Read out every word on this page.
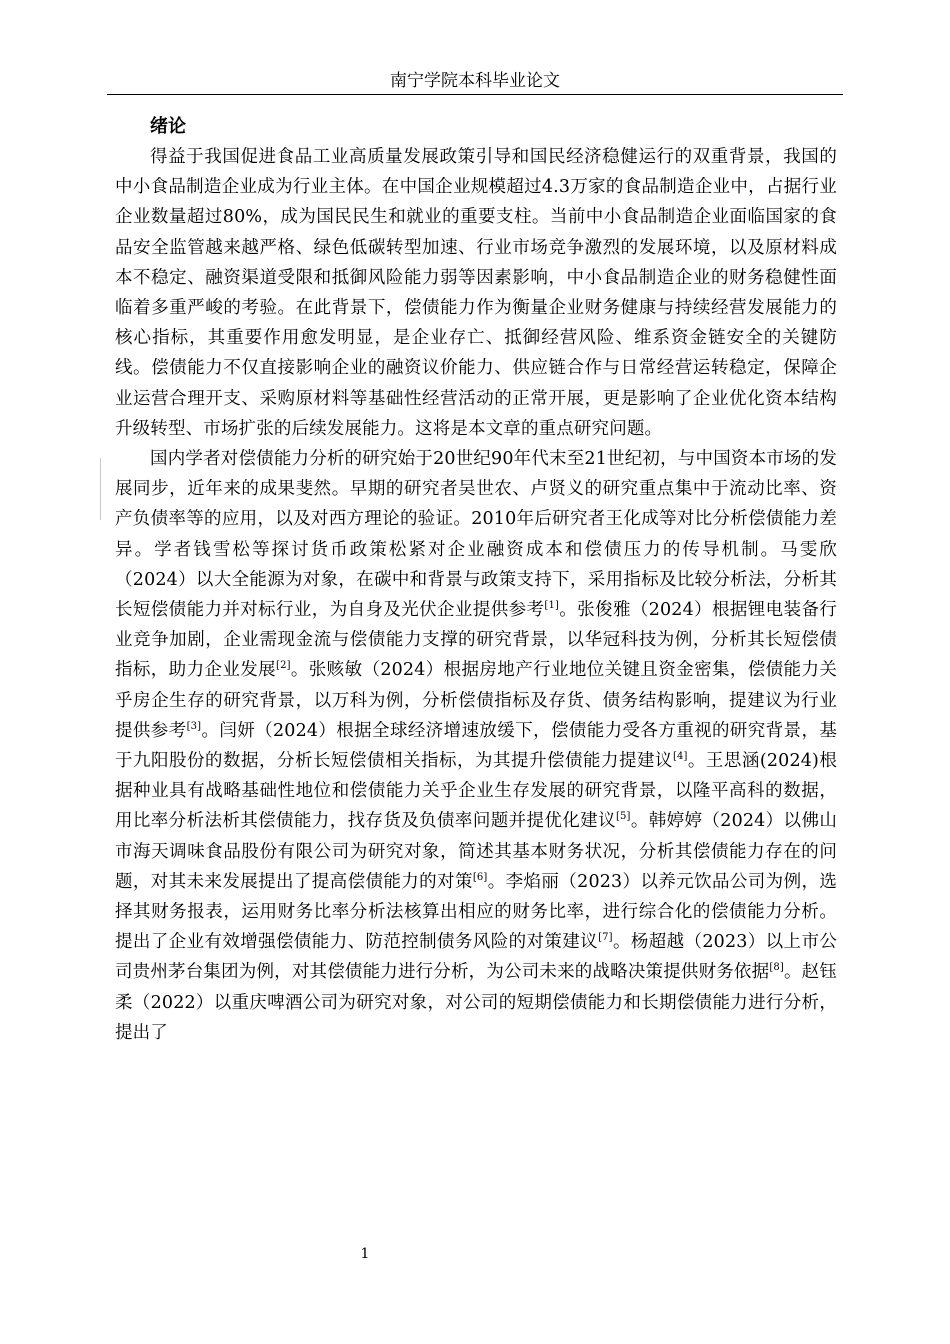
南宁学院本科毕业论文

绪论

得益于我国促进食品工业高质量发展政策引导和国民经济稳健运行的双重背景，我国的中小食品制造企业成为行业主体。在中国企业规模超过4.3万家的食品制造企业中，占据行业企业数量超过80%，成为国民民生和就业的重要支柱。当前中小食品制造企业面临国家的食品安全监管越来越严格、绿色低碳转型加速、行业市场竞争激烈的发展环境，以及原材料成本不稳定、融资渠道受限和抵御风险能力弱等因素影响，中小食品制造企业的财务稳健性面临着多重严峻的考验。在此背景下，偿债能力作为衡量企业财务健康与持续经营发展能力的核心指标，其重要作用愈发明显，是企业存亡、抵御经营风险、维系资金链安全的关键防线。偿债能力不仅直接影响企业的融资议价能力、供应链合作与日常经营运转稳定，保障企业运营合理开支、采购原材料等基础性经营活动的正常开展，更是影响了企业优化资本结构升级转型、市场扩张的后续发展能力。这将是本文章的重点研究问题。

国内学者对偿债能力分析的研究始于20世纪90年代末至21世纪初，与中国资本市场的发展同步，近年来的成果斐然。早期的研究者吴世农、卢贤义的研究重点集中于流动比率、资产负债率等的应用，以及对西方理论的验证。2010年后研究者王化成等对比分析偿债能力差异。学者钱雪松等探讨货币政策松紧对企业融资成本和偿债压力的传导机制。马雯欣（2024）以大全能源为对象，在碳中和背景与政策支持下，采用指标及比较分析法，分析其长短偿债能力并对标行业，为自身及光伏企业提供参考[1]。张俊雅（2024）根据锂电装备行业竞争加剧，企业需现金流与偿债能力支撑的研究背景，以华冠科技为例，分析其长短偿债指标，助力企业发展[2]。张赅敏（2024）根据房地产行业地位关键且资金密集，偿债能力关乎房企生存的研究背景，以万科为例，分析偿债指标及存货、债务结构影响，提建议为行业提供参考[3]。闫妍（2024）根据全球经济增速放缓下，偿债能力受各方重视的研究背景，基于九阳股份的数据，分析长短偿债相关指标，为其提升偿债能力提建议[4]。王思涵(2024)根据种业具有战略基础性地位和偿债能力关乎企业生存发展的研究背景，以隆平高科的数据，用比率分析法析其偿债能力，找存货及负债率问题并提优化建议[5]。韩婷婷（2024）以佛山市海天调味食品股份有限公司为研究对象，简述其基本财务状况，分析其偿债能力存在的问题，对其未来发展提出了提高偿债能力的对策[6]。李焰丽（2023）以养元饮品公司为例，选择其财务报表，运用财务比率分析法核算出相应的财务比率，进行综合化的偿债能力分析。提出了企业有效增强偿债能力、防范控制债务风险的对策建议[7]。杨超越（2023）以上市公司贵州茅台集团为例，对其偿债能力进行分析，为公司未来的战略决策提供财务依据[8]。赵钰柔（2022）以重庆啤酒公司为研究对象，对公司的短期偿债能力和长期偿债能力进行分析，提出了

1
